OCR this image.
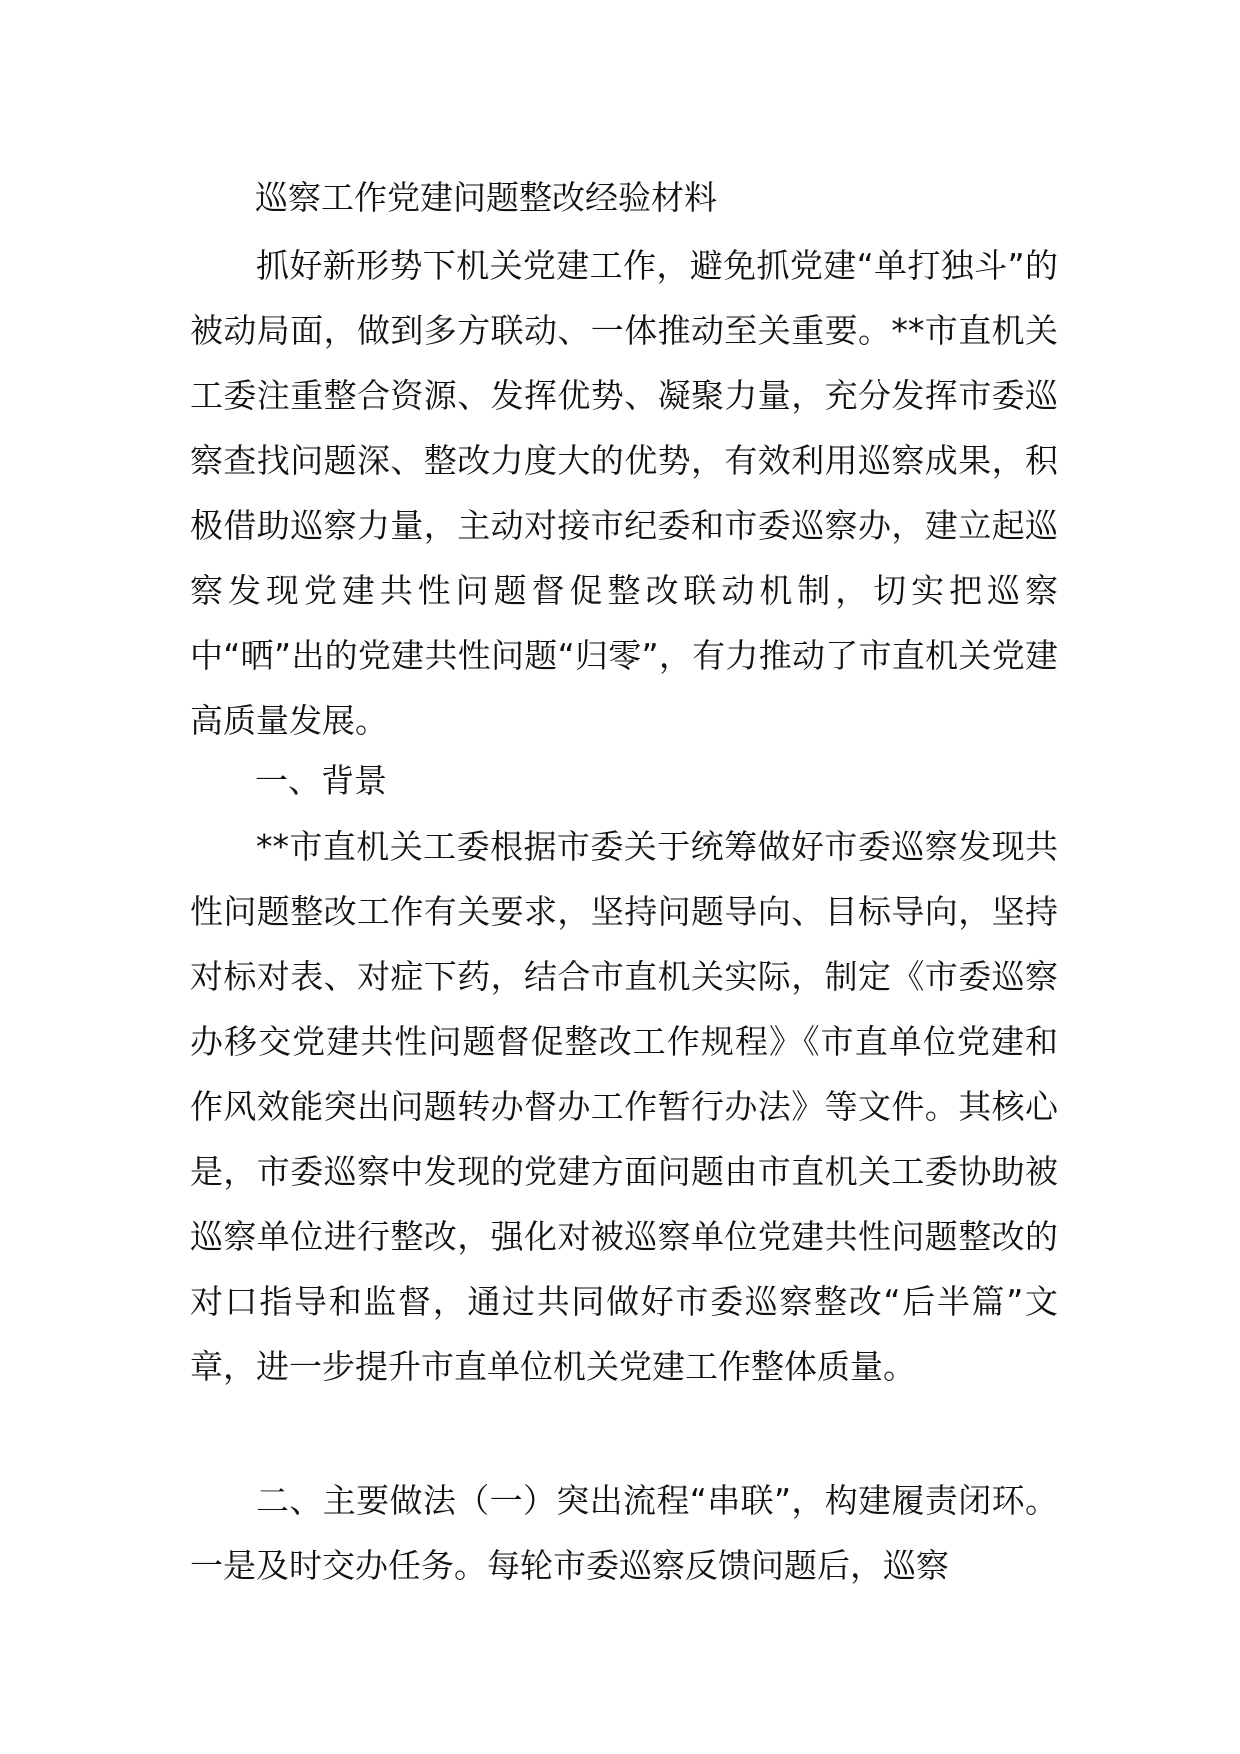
巡察工作党建问题整改经验材料

抓好新形势下机关党建工作，避免抓党建“单打独斗”的被动局面，做到多方联动、一体推动至关重要。**市直机关工委注重整合资源、发挥优势、凝聚力量，充分发挥市委巡察查找问题深、整改力度大的优势，有效利用巡察成果，积极借助巡察力量，主动对接市纪委和市委巡察办，建立起巡察发现党建共性问题督促整改联动机制，切实把巡察中“晒”出的党建共性问题“归零”，有力推动了市直机关党建高质量发展。

一、背景

**市直机关工委根据市委关于统筹做好市委巡察发现共性问题整改工作有关要求，坚持问题导向、目标导向，坚持对标对表、对症下药，结合市直机关实际，制定《市委巡察办移交党建共性问题督促整改工作规程》《市直单位党建和作风效能突出问题转办督办工作暂行办法》等文件。其核心是，市委巡察中发现的党建方面问题由市直机关工委协助被巡察单位进行整改，强化对被巡察单位党建共性问题整改的对口指导和监督，通过共同做好市委巡察整改“后半篇”文章，进一步提升市直单位机关党建工作整体质量。

二、主要做法（一）突出流程“串联”，构建履责闭环。一是及时交办任务。每轮市委巡察反馈问题后，巡察
